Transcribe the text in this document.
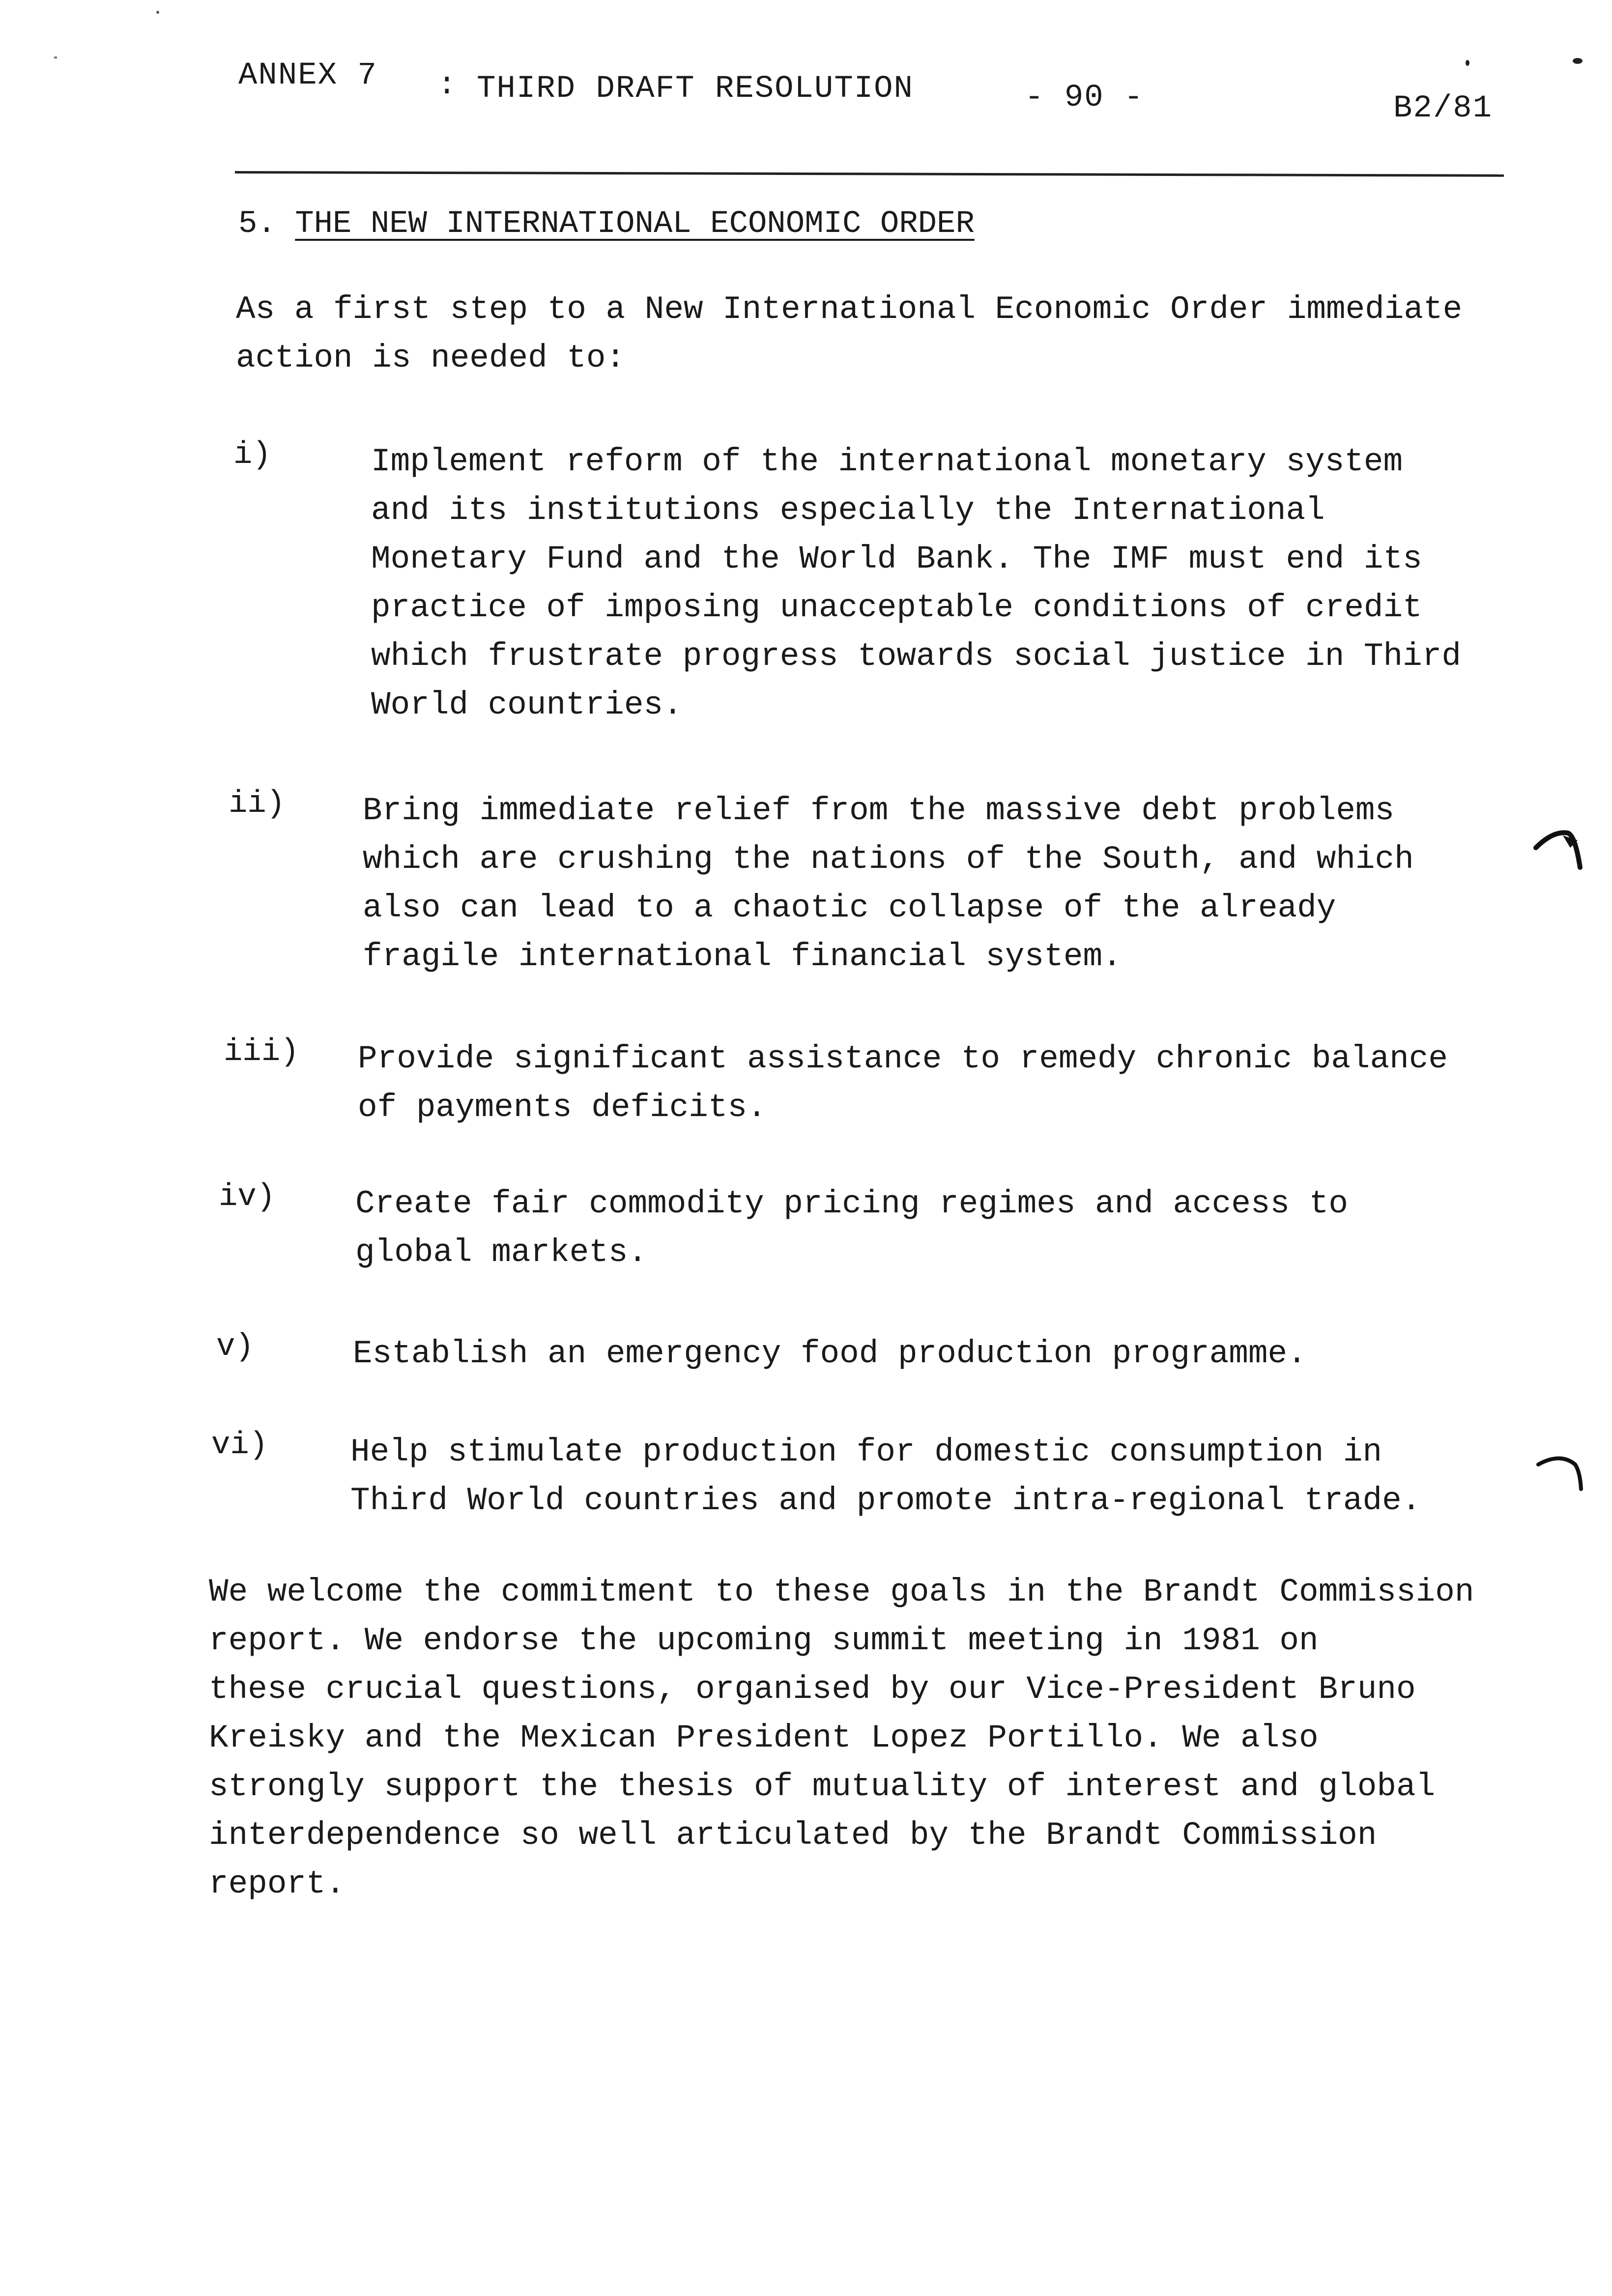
ANNEX 7 : THIRD DRAFT RESOLUTION	- 90 -	B2/81
5. THE NEW INTERNATIONAL ECONOMIC ORDER
As a first step to a New International Economic Order immediate
action is needed to:
i)	Implement reform of the international monetary system
and its institutions especially the International
Monetary Fund and the World Bank. The IMF must end its
practice of imposing unacceptable conditions of credit
which frustrate progress towards social justice in Third
World countries.
ii) Bring immediate relief from the massive debt problems
which are crushing the nations of the South, and which
also can lead to a chaotic collapse of the already
fragile international financial system.
iii) Provide significant assistance to remedy chronic balance
of payments deficits.
iv) Create fair commodity pricing regimes and access to
global markets.
v)	Establish an emergency food production programme.
vi)	Help stimulate production for domestic consumption in
Third World countries and promote intra-regional trade.
We welcome the commitment to these goals in the Brandt Commission
report. We endorse the upcoming summit meeting in 1981 on
these crucial questions, organised by our Vice-President Bruno
Kreisky and the Mexican President Lopez Portillo. We also
strongly support the thesis of mutuality of interest and global
interdependence so well articulated by the Brandt Commission
report.
